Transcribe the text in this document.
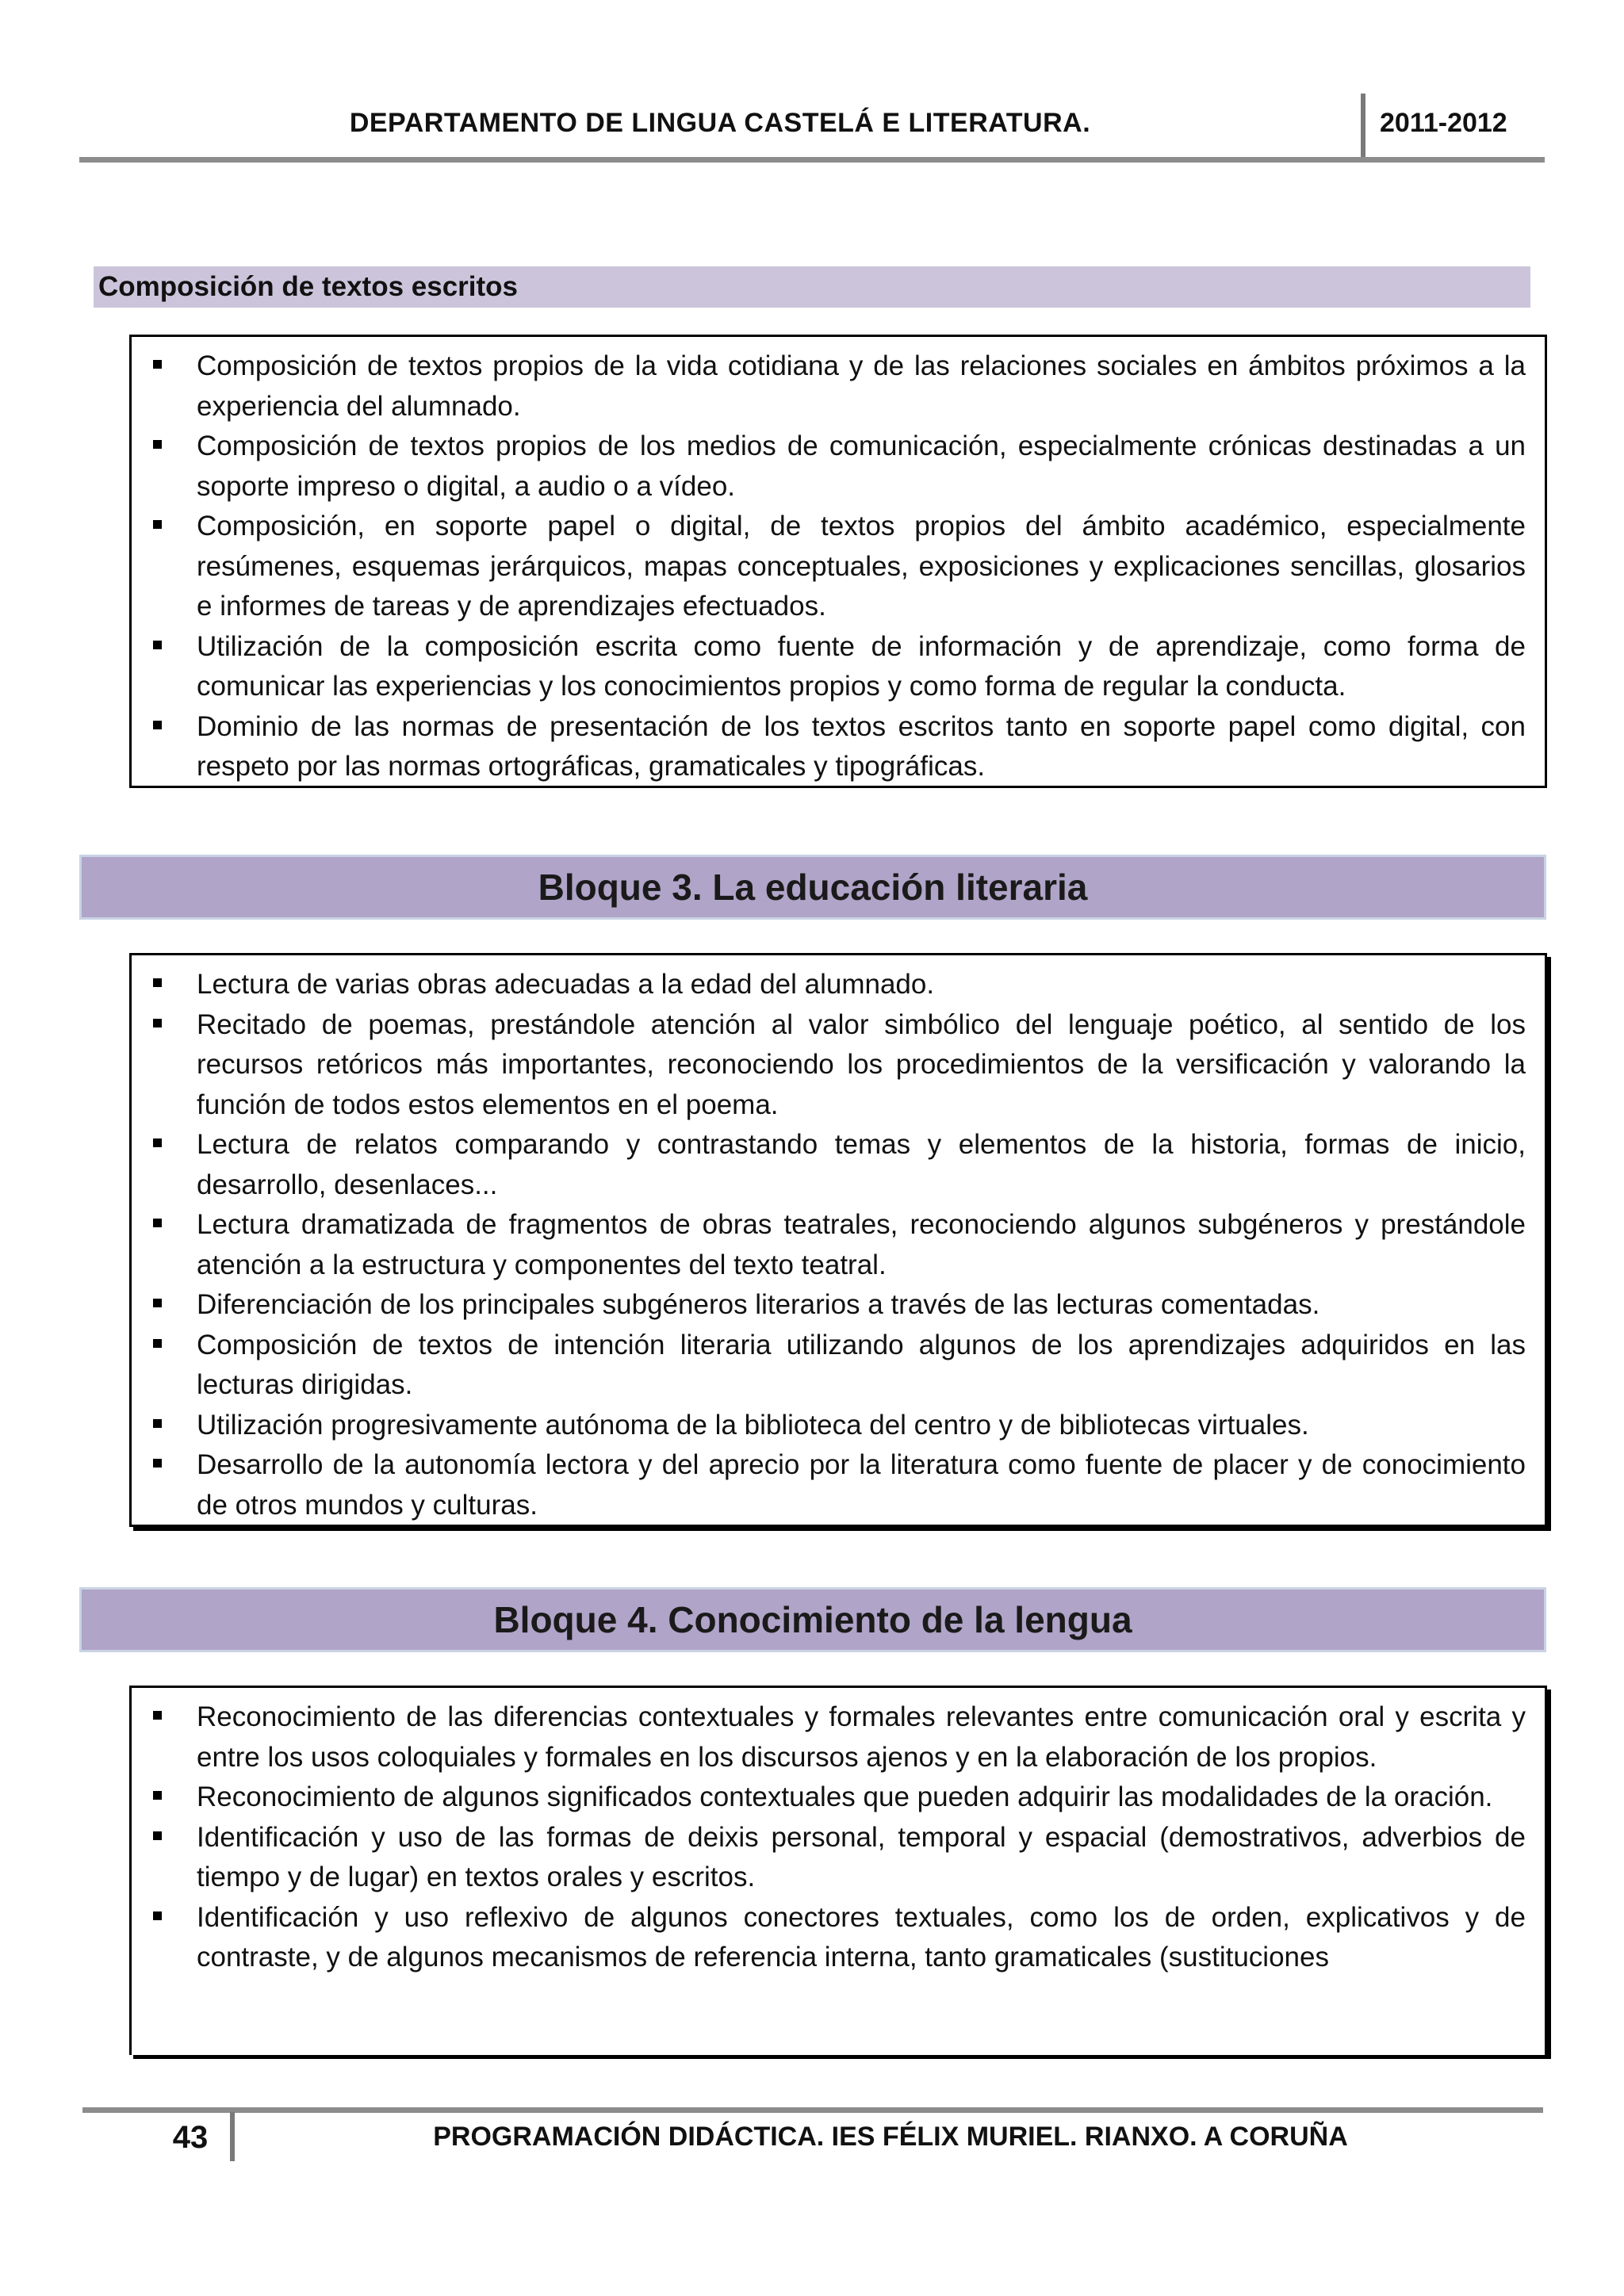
DEPARTAMENTO DE LINGUA CASTELÁ E LITERATURA.	2011-2012
Composición de textos escritos
Composición de textos propios de la vida cotidiana y de las relaciones sociales en ámbitos próximos a la experiencia del alumnado.
Composición de textos propios de los medios de comunicación, especialmente crónicas destinadas a un soporte impreso o digital, a audio o a vídeo.
Composición, en soporte papel o digital, de textos propios del ámbito académico, especialmente resúmenes, esquemas jerárquicos, mapas conceptuales, exposiciones y explicaciones sencillas, glosarios e informes de tareas y de aprendizajes efectuados.
Utilización de la composición escrita como fuente de información y de aprendizaje, como forma de comunicar las experiencias y los conocimientos propios y como forma de regular la conducta.
Dominio de las normas de presentación de los textos escritos tanto en soporte papel como digital, con respeto por las normas ortográficas, gramaticales y tipográficas.
Bloque 3. La educación literaria
Lectura de varias obras adecuadas a la edad del alumnado.
Recitado de poemas, prestándole atención al valor simbólico del lenguaje poético, al sentido de los recursos retóricos más importantes, reconociendo los procedimientos de la versificación y valorando la función de todos estos elementos en el poema.
Lectura de relatos comparando y contrastando temas y elementos de la historia, formas de inicio, desarrollo, desenlaces...
Lectura dramatizada de fragmentos de obras teatrales, reconociendo algunos subgéneros y prestándole atención a la estructura y componentes del texto teatral.
Diferenciación de los principales subgéneros literarios a través de las lecturas comentadas.
Composición de textos de intención literaria utilizando algunos de los aprendizajes adquiridos en las lecturas dirigidas.
Utilización progresivamente autónoma de la biblioteca del centro y de bibliotecas virtuales.
Desarrollo de la autonomía lectora y del aprecio por la literatura como fuente de placer y de conocimiento de otros mundos y culturas.
Bloque 4. Conocimiento de la lengua
Reconocimiento de las diferencias contextuales y formales relevantes entre comunicación oral y escrita y entre los usos coloquiales y formales en los discursos ajenos y en la elaboración de los propios.
Reconocimiento de algunos significados contextuales que pueden adquirir las modalidades de la oración.
Identificación y uso de las formas de deixis personal, temporal y espacial (demostrativos, adverbios de tiempo y de lugar) en textos orales y escritos.
Identificación y uso reflexivo de algunos conectores textuales, como los de orden, explicativos y de contraste, y de algunos mecanismos de referencia interna, tanto gramaticales (sustituciones
43	PROGRAMACIÓN DIDÁCTICA. IES FÉLIX MURIEL. RIANXO. A CORUÑA
